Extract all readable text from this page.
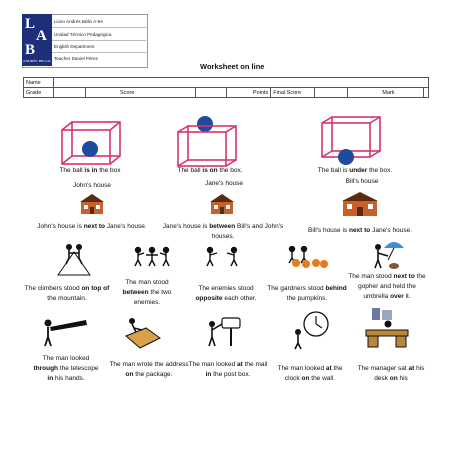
L
A
B
ANDRÉS BELLO
Liceo Andrés Bello A-94
Unidad Técnico Pedagógica
English Department
Teacher Daniel Pérez
Worksheet on line
Name								
Grade		Score		Points	Final Score		Mark	
The ball is in the box	The ball is on the box.	The ball is under the box.
John's house	Jane's house	Bill's house
John's house is next to Jane's house.	Jane's house is between Bill's and John's houses.
Bill's house is next to Jane's house.
The climbers stood on top of the mountain.
The man stood between the two enemies.
The enemies stood opposite each other.
The gardners stood behind the pumpkins.
The man stood next to the gopher and held the umbrella over it.
The man looked through the telescope in his hands.
The man wrote the address on the package.
The man looked at the mail in the post box.
The man looked at the clock on the wall.
The manager sat at his desk on his
